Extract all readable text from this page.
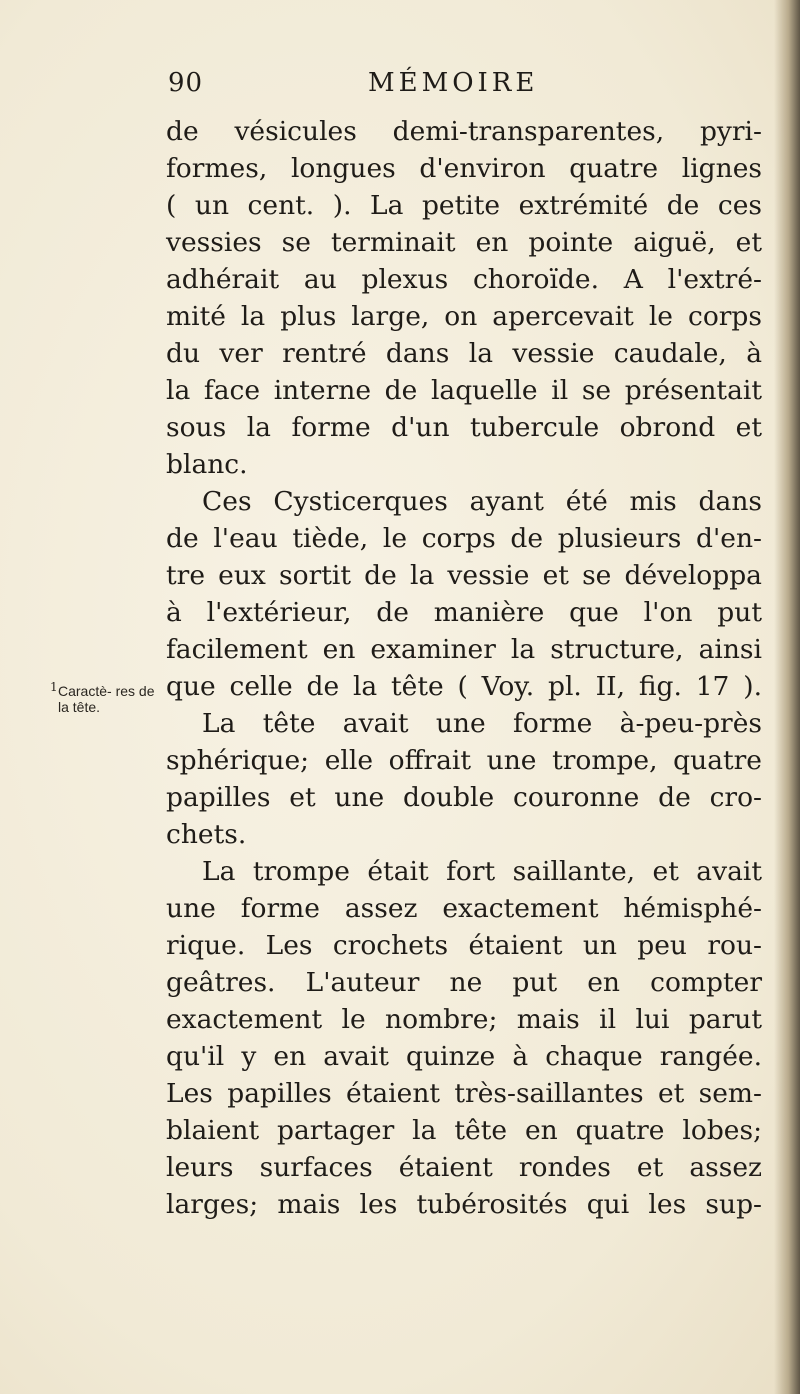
90	MÉMOIRE
1 Caractè- res de la tête.
de vésicules demi-transparentes, pyri-
formes, longues d'environ quatre lignes
( un cent. ). La petite extrémité de ces
vessies se terminait en pointe aiguë, et
adhérait au plexus choroïde. A l'extré-
mité la plus large, on apercevait le corps
du ver rentré dans la vessie caudale, à
la face interne de laquelle il se présentait
sous la forme d'un tubercule obrond et
blanc.
Ces Cysticerques ayant été mis dans
de l'eau tiède, le corps de plusieurs d'en-
tre eux sortit de la vessie et se développa
à l'extérieur, de manière que l'on put
facilement en examiner la structure, ainsi
que celle de la tête ( Voy. pl. II, fig. 17 ).
La tête avait une forme à-peu-près
sphérique; elle offrait une trompe, quatre
papilles et une double couronne de cro-
chets.
La trompe était fort saillante, et avait
une forme assez exactement hémisphé-
rique. Les crochets étaient un peu rou-
geâtres. L'auteur ne put en compter
exactement le nombre; mais il lui parut
qu'il y en avait quinze à chaque rangée.
Les papilles étaient très-saillantes et sem-
blaient partager la tête en quatre lobes;
leurs surfaces étaient rondes et assez
larges; mais les tubérosités qui les sup-
